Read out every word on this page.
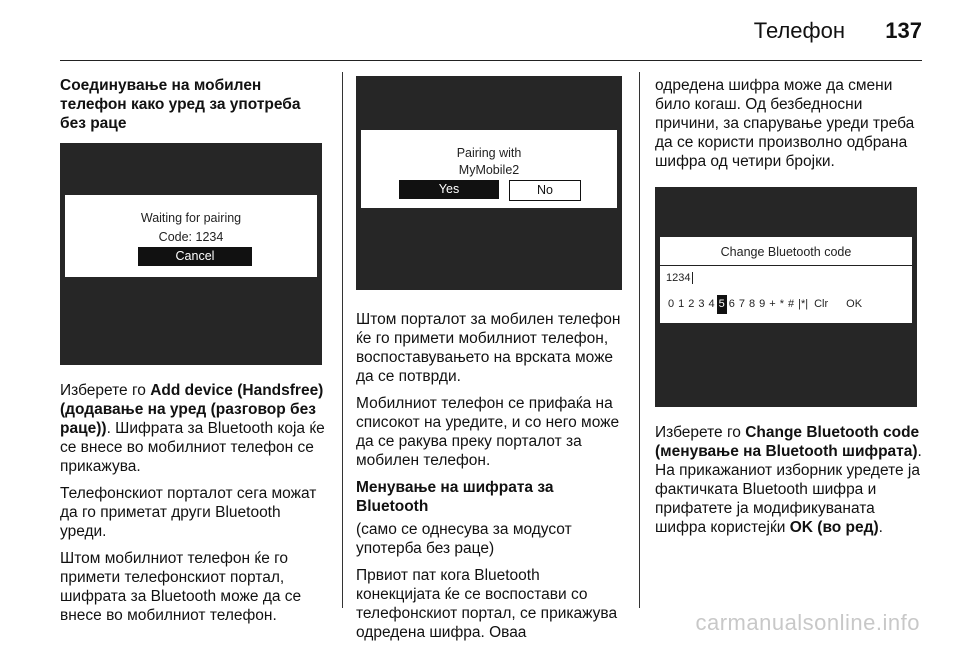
Телефон 137
Соединување на мобилен телефон како уред за употреба без раце
Waiting for pairing
Code: 1234
Cancel

Изберете го Add device (Handsfree) (додавање на уред (разговор без раце)). Шифрата за Bluetooth која ќе се внесе во мобилниот телефон се прикажува.

Телефонскиот порталот сега можат да го приметат други Bluetooth уреди.

Штом мобилниот телефон ќе го примети телефонскиот портал, шифрата за Bluetooth може да се внесе во мобилниот телефон.

Pairing with
MyMobile2
Yes	No

Штом порталот за мобилен телефон ќе го примети мобилниот телефон, воспоставувањето на врската може да се потврди.

Мобилниот телефон се прифаќа на списокот на уредите, и со него може да се ракува преку порталот за мобилен телефон.

Менување на шифрата за Bluetooth

(само се однесува за модусот употерба без раце)

Првиот пат кога Bluetooth конекцијата ќе се воспостави со телефонскиот портал, се прикажува одредена шифра. Оваа

одредена шифра може да смени било когаш. Од безбедносни причини, за спарување уреди треба да се користи произволно одбрана шифра од четири бројки.

Change Bluetooth code
1234
0 1 2 3 4 5 6 7 8 9 + * # |*| Clr OK

Изберете го Change Bluetooth code (менување на Bluetooth шифрата). На прикажаниот изборник уредете ја фактичката Bluetooth шифра и прифатете ја модификуваната шифра користејќи OK (во ред).

carmanualsonline.info
